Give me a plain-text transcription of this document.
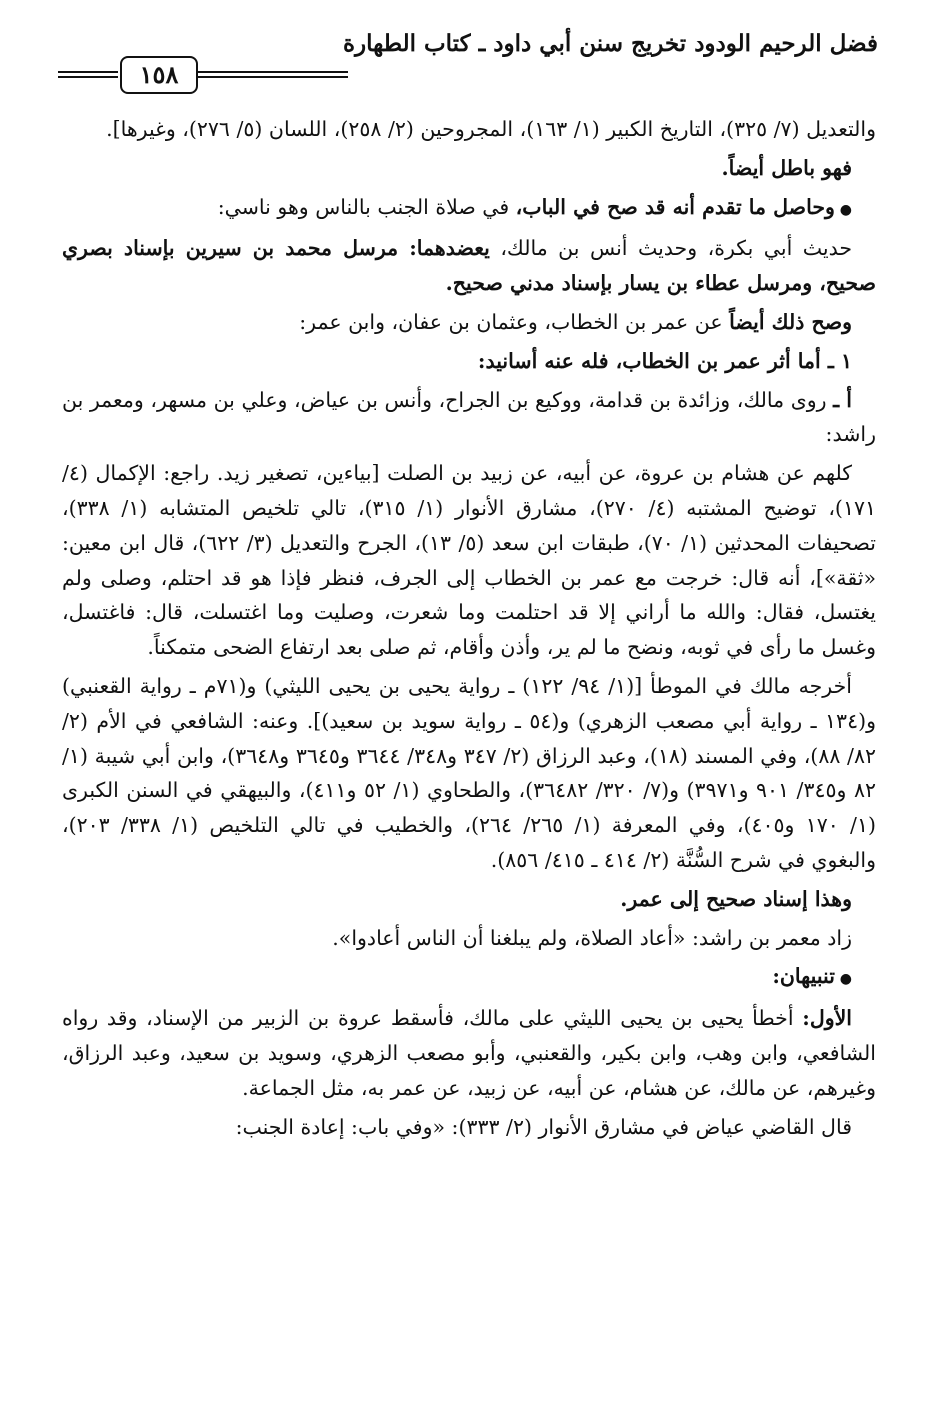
فضل الرحيم الودود تخريج سنن أبي داود ـ كتاب الطهارة
١٥٨

والتعديل (٧/ ٣٢٥)، التاريخ الكبير (١/ ١٦٣)، المجروحين (٢/ ٢٥٨)، اللسان (٥/ ٢٧٦)، وغيرها].

فهو باطل أيضاً.

● وحاصل ما تقدم أنه قد صح في الباب، في صلاة الجنب بالناس وهو ناسي:

حديث أبي بكرة، وحديث أنس بن مالك، يعضدهما: مرسل محمد بن سيرين بإسناد بصري صحيح، ومرسل عطاء بن يسار بإسناد مدني صحيح.

وصح ذلك أيضاً عن عمر بن الخطاب، وعثمان بن عفان، وابن عمر:

١ ـ أما أثر عمر بن الخطاب، فله عنه أسانيد:

أ ـ روى مالك، وزائدة بن قدامة، ووكيع بن الجراح، وأنس بن عياض، وعلي بن مسهر، ومعمر بن راشد:

كلهم عن هشام بن عروة، عن أبيه، عن زبيد بن الصلت [بياءين، تصغير زيد. راجع: الإكمال (٤/ ١٧١)، توضيح المشتبه (٤/ ٢٧٠)، مشارق الأنوار (١/ ٣١٥)، تالي تلخيص المتشابه (١/ ٣٣٨)، تصحيفات المحدثين (١/ ٧٠)، طبقات ابن سعد (٥/ ١٣)، الجرح والتعديل (٣/ ٦٢٢)، قال ابن معين: «ثقة»]، أنه قال: خرجت مع عمر بن الخطاب إلى الجرف، فنظر فإذا هو قد احتلم، وصلى ولم يغتسل، فقال: والله ما أراني إلا قد احتلمت وما شعرت، وصليت وما اغتسلت، قال: فاغتسل، وغسل ما رأى في ثوبه، ونضح ما لم ير، وأذن وأقام، ثم صلى بعد ارتفاع الضحى متمكناً.

أخرجه مالك في الموطأ [(١/ ٩٤/ ١٢٢) ـ رواية يحيى بن يحيى الليثي) و(٧١م ـ رواية القعنبي) و(١٣٤ ـ رواية أبي مصعب الزهري) و(٥٤ ـ رواية سويد بن سعيد)]. وعنه: الشافعي في الأم (٢/ ٨٢/ ٨٨)، وفي المسند (١٨)، وعبد الرزاق (٢/ ٣٤٧ و٣٤٨/ ٣٦٤٤ و٣٦٤٥ و٣٦٤٨)، وابن أبي شيبة (١/ ٨٢ و٣٤٥/ ٩٠١ و٣٩٧١) و(٧/ ٣٢٠/ ٣٦٤٨٢)، والطحاوي (١/ ٥٢ و٤١١)، والبيهقي في السنن الكبرى (١/ ١٧٠ و٤٠٥)، وفي المعرفة (١/ ٢٦٥/ ٢٦٤)، والخطيب في تالي التلخيص (١/ ٣٣٨/ ٢٠٣)، والبغوي في شرح السُّنَّة (٢/ ٤١٤ ـ ٤١٥/ ٨٥٦).

وهذا إسناد صحيح إلى عمر.

زاد معمر بن راشد: «أعاد الصلاة، ولم يبلغنا أن الناس أعادوا».

● تنبيهان:

الأول: أخطأ يحيى بن يحيى الليثي على مالك، فأسقط عروة بن الزبير من الإسناد، وقد رواه الشافعي، وابن وهب، وابن بكير، والقعنبي، وأبو مصعب الزهري، وسويد بن سعيد، وعبد الرزاق، وغيرهم، عن مالك، عن هشام، عن أبيه، عن زبيد، عن عمر به، مثل الجماعة.

قال القاضي عياض في مشارق الأنوار (٢/ ٣٣٣): «وفي باب: إعادة الجنب:
